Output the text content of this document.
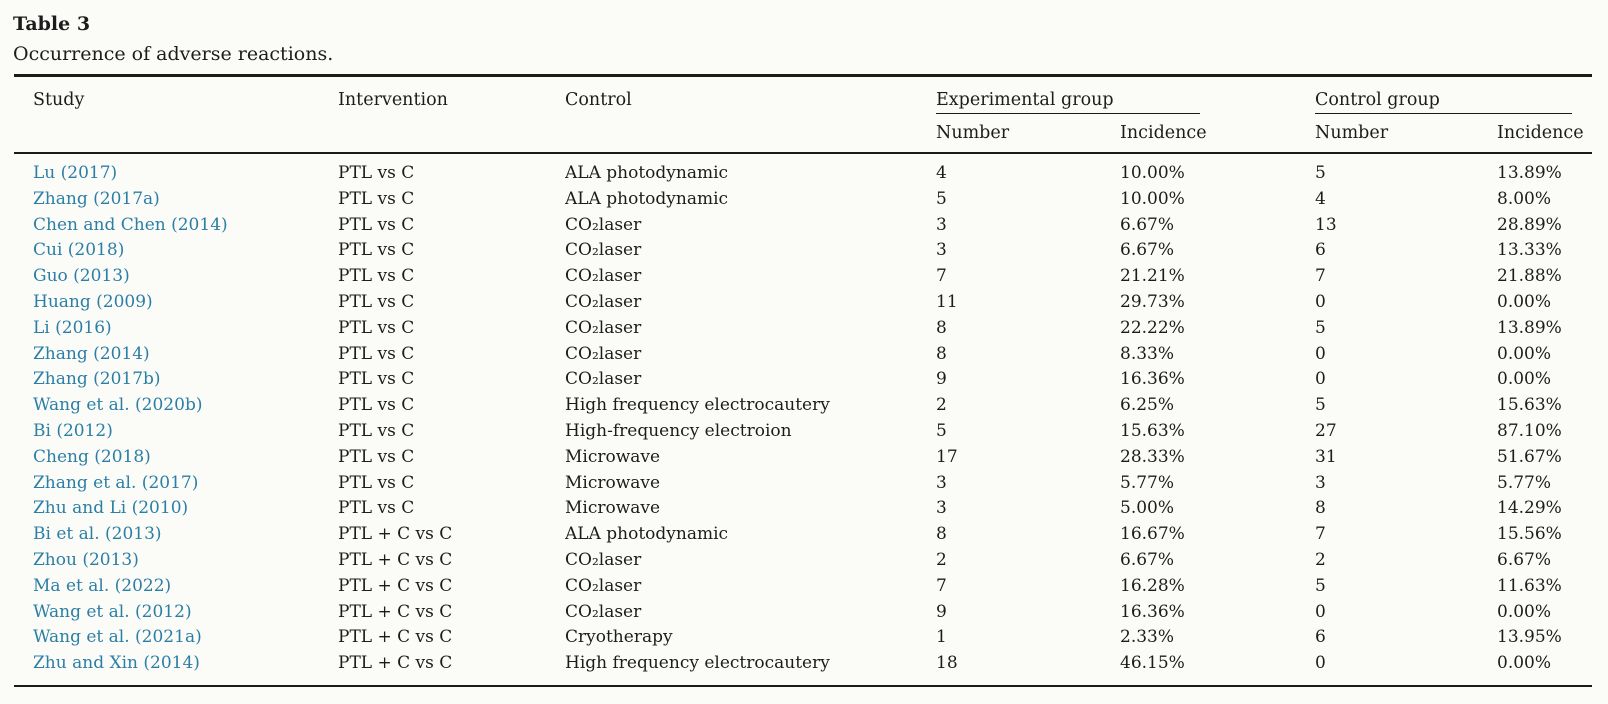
Table 3
Occurrence of adverse reactions.
Study	Intervention	Control	Experimental group		Control group	

			Number	Incidence	Number	Incidence
Lu (2017)	PTL vs C	ALA photodynamic	4	10.00%	5	13.89%
Zhang (2017a)	PTL vs C	ALA photodynamic	5	10.00%	4	8.00%
Chen and Chen (2014)	PTL vs C	CO₂laser	3	6.67%	13	28.89%
Cui (2018)	PTL vs C	CO₂laser	3	6.67%	6	13.33%
Guo (2013)	PTL vs C	CO₂laser	7	21.21%	7	21.88%
Huang (2009)	PTL vs C	CO₂laser	11	29.73%	0	0.00%
Li (2016)	PTL vs C	CO₂laser	8	22.22%	5	13.89%
Zhang (2014)	PTL vs C	CO₂laser	8	8.33%	0	0.00%
Zhang (2017b)	PTL vs C	CO₂laser	9	16.36%	0	0.00%
Wang et al. (2020b)	PTL vs C	High frequency electrocautery	2	6.25%	5	15.63%
Bi (2012)	PTL vs C	High-frequency electroion	5	15.63%	27	87.10%
Cheng (2018)	PTL vs C	Microwave	17	28.33%	31	51.67%
Zhang et al. (2017)	PTL vs C	Microwave	3	5.77%	3	5.77%
Zhu and Li (2010)	PTL vs C	Microwave	3	5.00%	8	14.29%
Bi et al. (2013)	PTL + C vs C	ALA photodynamic	8	16.67%	7	15.56%
Zhou (2013)	PTL + C vs C	CO₂laser	2	6.67%	2	6.67%
Ma et al. (2022)	PTL + C vs C	CO₂laser	7	16.28%	5	11.63%
Wang et al. (2012)	PTL + C vs C	CO₂laser	9	16.36%	0	0.00%
Wang et al. (2021a)	PTL + C vs C	Cryotherapy	1	2.33%	6	13.95%
Zhu and Xin (2014)	PTL + C vs C	High frequency electrocautery	18	46.15%	0	0.00%
